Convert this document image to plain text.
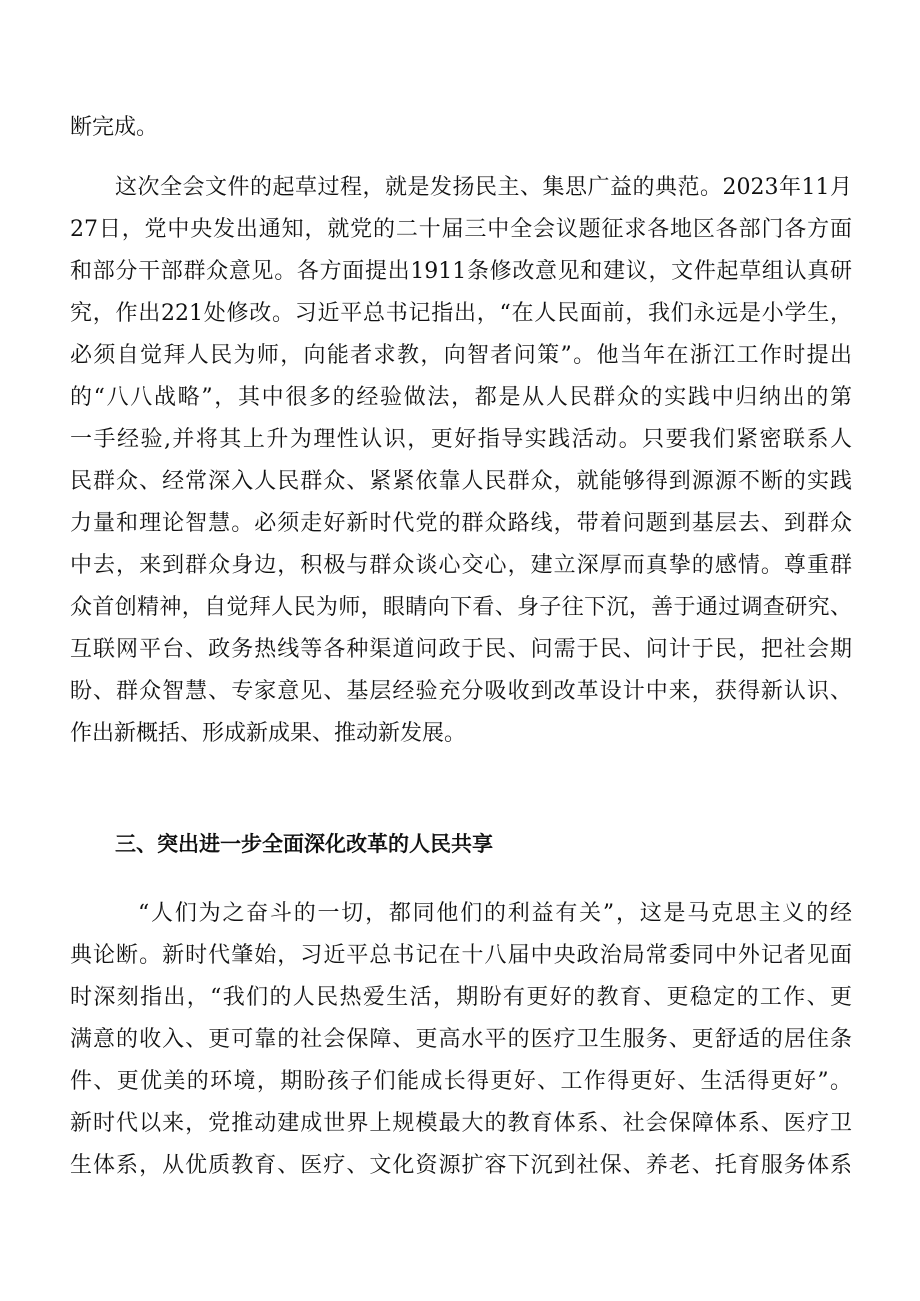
断完成。
这次全会文件的起草过程，就是发扬民主、集思广益的典范。2023年11月
27日，党中央发出通知，就党的二十届三中全会议题征求各地区各部门各方面
和部分干部群众意见。各方面提出1911条修改意见和建议，文件起草组认真研
究，作出221处修改。习近平总书记指出，“在人民面前，我们永远是小学生，
必须自觉拜人民为师，向能者求教，向智者问策”。他当年在浙江工作时提出
的“八八战略”，其中很多的经验做法，都是从人民群众的实践中归纳出的第
一手经验,并将其上升为理性认识，更好指导实践活动。只要我们紧密联系人
民群众、经常深入人民群众、紧紧依靠人民群众，就能够得到源源不断的实践
力量和理论智慧。必须走好新时代党的群众路线，带着问题到基层去、到群众
中去，来到群众身边，积极与群众谈心交心，建立深厚而真挚的感情。尊重群
众首创精神，自觉拜人民为师，眼睛向下看、身子往下沉，善于通过调查研究、
互联网平台、政务热线等各种渠道问政于民、问需于民、问计于民，把社会期
盼、群众智慧、专家意见、基层经验充分吸收到改革设计中来，获得新认识、
作出新概括、形成新成果、推动新发展。
三、突出进一步全面深化改革的人民共享
“人们为之奋斗的一切，都同他们的利益有关”，这是马克思主义的经
典论断。新时代肇始，习近平总书记在十八届中央政治局常委同中外记者见面
时深刻指出，“我们的人民热爱生活，期盼有更好的教育、更稳定的工作、更
满意的收入、更可靠的社会保障、更高水平的医疗卫生服务、更舒适的居住条
件、更优美的环境，期盼孩子们能成长得更好、工作得更好、生活得更好”。
新时代以来，党推动建成世界上规模最大的教育体系、社会保障体系、医疗卫
生体系，从优质教育、医疗、文化资源扩容下沉到社保、养老、托育服务体系
